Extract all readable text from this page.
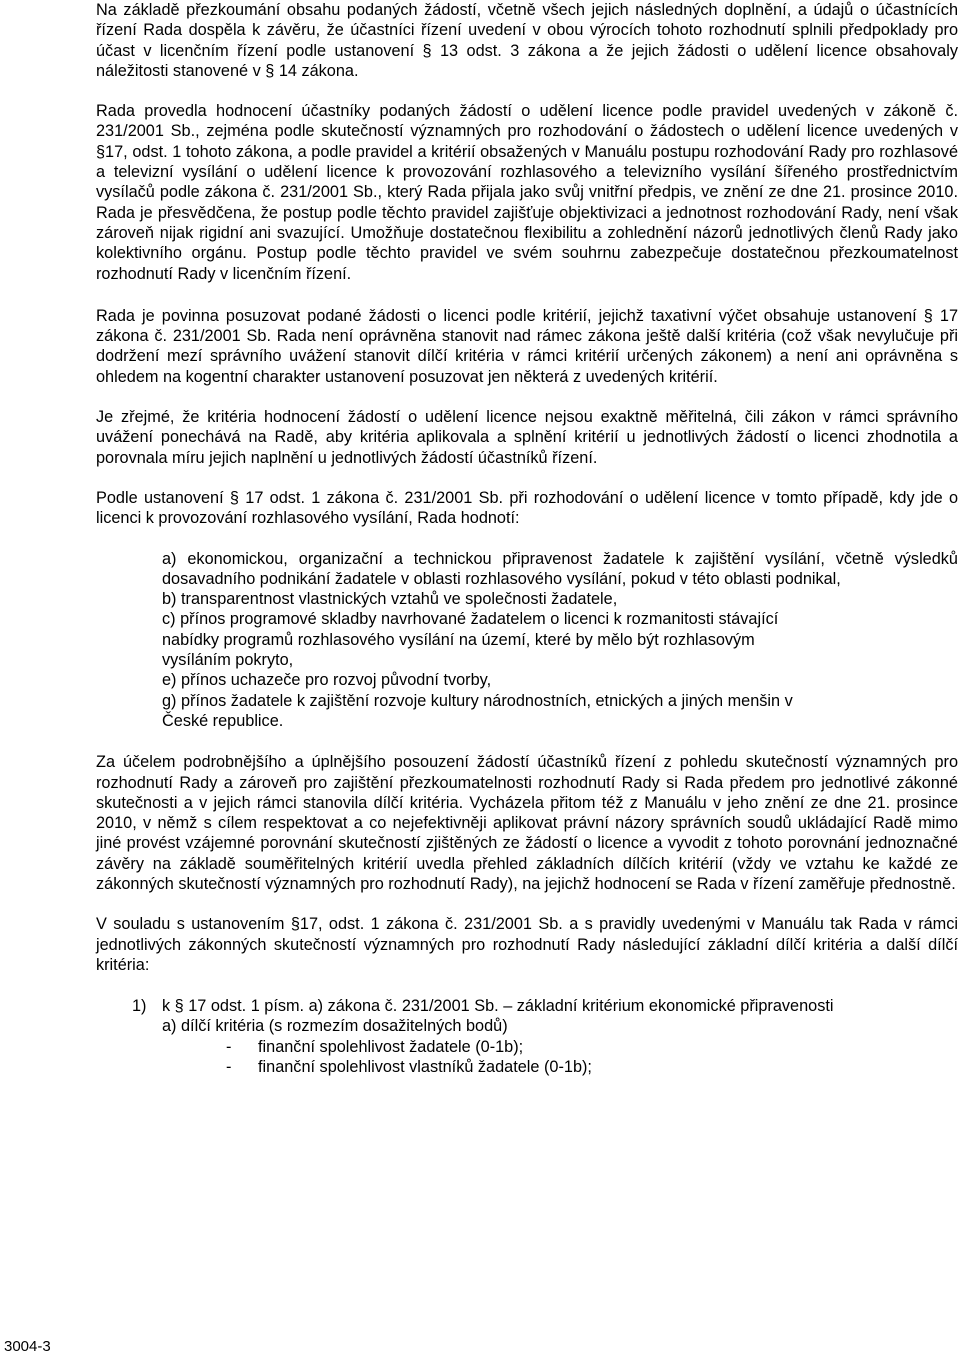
Na základě přezkoumání obsahu podaných žádostí, včetně všech jejich následných doplnění, a údajů o účastnících řízení Rada dospěla k závěru, že účastníci řízení uvedení v obou výrocích tohoto rozhodnutí splnili předpoklady pro účast v licenčním řízení podle ustanovení § 13 odst. 3 zákona a že jejich žádosti o udělení licence obsahovaly náležitosti stanovené v § 14 zákona.

Rada provedla hodnocení účastníky podaných žádostí o udělení licence podle pravidel uvedených v zákoně č. 231/2001 Sb., zejména podle skutečností významných pro rozhodování o žádostech o udělení licence uvedených v §17, odst. 1 tohoto zákona, a podle pravidel a kritérií obsažených v Manuálu postupu rozhodování Rady pro rozhlasové a televizní vysílání o udělení licence k provozování rozhlasového a televizního vysílání šířeného prostřednictvím vysílačů podle zákona č. 231/2001 Sb., který Rada přijala jako svůj vnitřní předpis, ve znění ze dne 21. prosince 2010. Rada je přesvědčena, že postup podle těchto pravidel zajišťuje objektivizaci a jednotnost rozhodování Rady, není však zároveň nijak rigidní ani svazující. Umožňuje dostatečnou flexibilitu a zohlednění názorů jednotlivých členů Rady jako kolektivního orgánu. Postup podle těchto pravidel ve svém souhrnu zabezpečuje dostatečnou přezkoumatelnost rozhodnutí Rady v licenčním řízení.

Rada je povinna posuzovat podané žádosti o licenci podle kritérií, jejichž taxativní výčet obsahuje ustanovení § 17 zákona č. 231/2001 Sb. Rada není oprávněna stanovit nad rámec zákona ještě další kritéria (což však nevylučuje při dodržení mezí správního uvážení stanovit dílčí kritéria v rámci kritérií určených zákonem) a není ani oprávněna s ohledem na kogentní charakter ustanovení posuzovat jen některá z uvedených kritérií.

Je zřejmé, že kritéria hodnocení žádostí o udělení licence nejsou exaktně měřitelná, čili zákon v rámci správního uvážení ponechává na Radě, aby kritéria aplikovala a splnění kritérií u jednotlivých žádostí o licenci zhodnotila a porovnala míru jejich naplnění u jednotlivých žádostí účastníků řízení.

Podle ustanovení § 17 odst. 1 zákona č. 231/2001 Sb. při rozhodování o udělení licence v tomto případě, kdy jde o licenci k provozování rozhlasového vysílání, Rada hodnotí:

a) ekonomickou, organizační a technickou připravenost žadatele k zajištění vysílání, včetně výsledků dosavadního podnikání žadatele v oblasti rozhlasového vysílání, pokud v této oblasti podnikal,

b) transparentnost vlastnických vztahů ve společnosti žadatele,

c) přínos programové skladby navrhované žadatelem o licenci k rozmanitosti stávající nabídky programů rozhlasového vysílání na území, které by mělo být rozhlasovým vysíláním pokryto,

e) přínos uchazeče pro rozvoj původní tvorby,

g) přínos žadatele k zajištění rozvoje kultury národnostních, etnických a jiných menšin v České republice.

Za účelem podrobnějšího a úplnějšího posouzení žádostí účastníků řízení z pohledu skutečností významných pro rozhodnutí Rady a zároveň pro zajištění přezkoumatelnosti rozhodnutí Rady si Rada předem pro jednotlivé zákonné skutečnosti a v jejich rámci stanovila dílčí kritéria. Vycházela přitom též z Manuálu v jeho znění ze dne 21. prosince 2010, v němž s cílem respektovat a co nejefektivněji aplikovat právní názory správních soudů ukládající Radě mimo jiné provést vzájemné porovnání skutečností zjištěných ze žádostí o licence a vyvodit z tohoto porovnání jednoznačné závěry na základě souměřitelných kritérií uvedla přehled základních dílčích kritérií (vždy ve vztahu ke každé ze zákonných skutečností významných pro rozhodnutí Rady), na jejichž hodnocení se Rada v řízení zaměřuje přednostně.

V souladu s ustanovením §17, odst. 1 zákona č. 231/2001 Sb. a s pravidly uvedenými v Manuálu tak Rada v rámci jednotlivých zákonných skutečností významných pro rozhodnutí Rady následující základní dílčí kritéria a další dílčí kritéria:

1) k § 17 odst. 1 písm. a) zákona č. 231/2001 Sb. – základní kritérium ekonomické připravenosti
a) dílčí kritéria (s rozmezím dosažitelných bodů)
- finanční spolehlivost žadatele (0-1b);
- finanční spolehlivost vlastníků žadatele (0-1b);
3004-3
